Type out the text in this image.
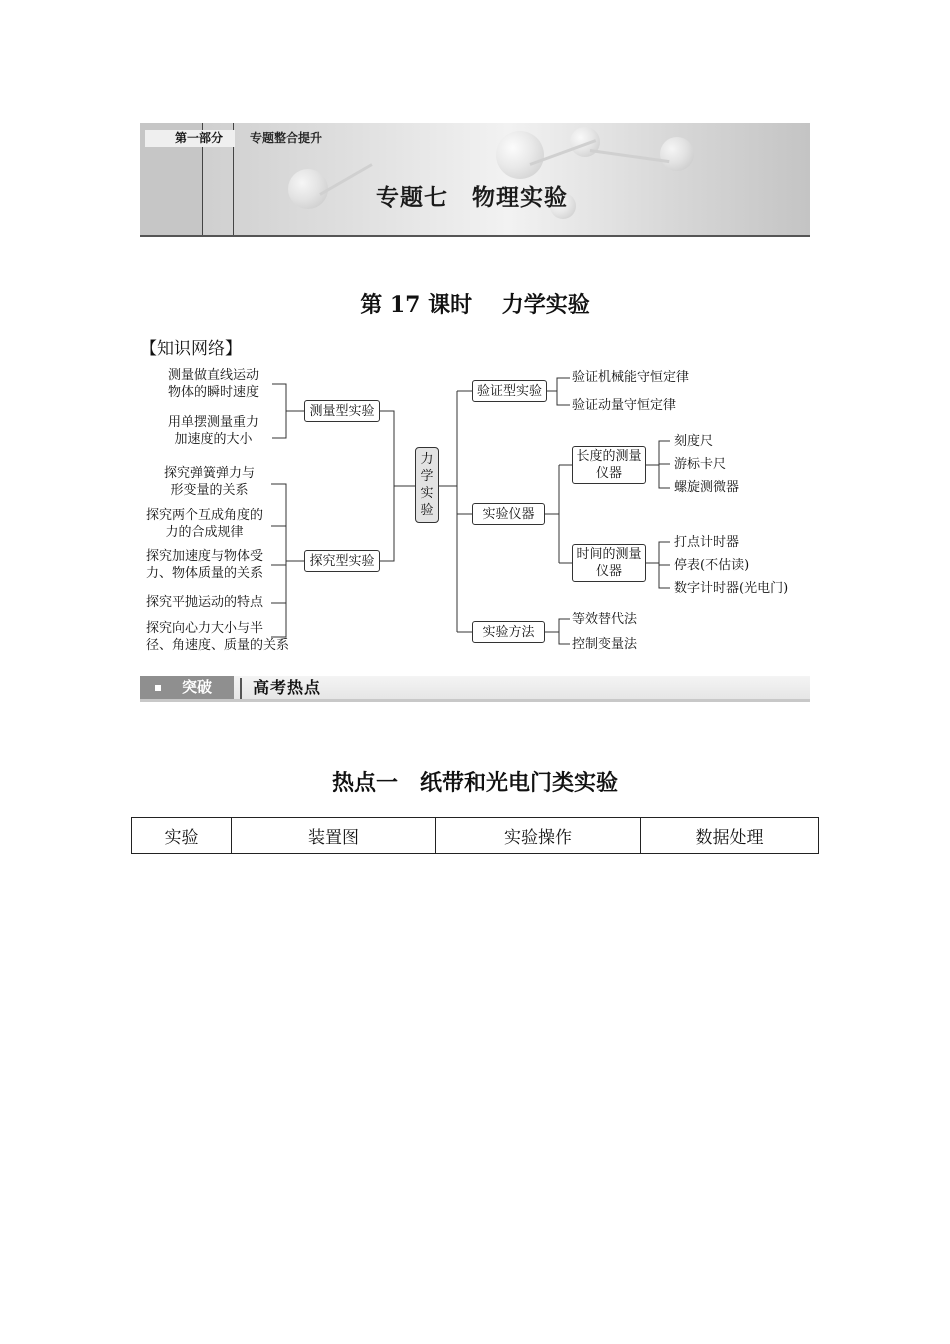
第一部分	专题整合提升
专题七　物理实验
第 17 课时　 力学实验
【知识网络】
测量做直线运动
物体的瞬时速度
用单摆测量重力
加速度的大小
测量型实验
探究弹簧弹力与
形变量的关系
探究两个互成角度的
力的合成规律
探究加速度与物体受
力、物体质量的关系
探究平抛运动的特点
探究向心力大小与半
径、角速度、质量的关系
探究型实验
力
学
实
验
验证型实验
验证机械能守恒定律
验证动量守恒定律
实验仪器
长度的测量
仪器
刻度尺
游标卡尺
螺旋测微器
时间的测量
仪器
打点计时器
停表(不估读)
数字计时器(光电门)
实验方法
等效替代法
控制变量法
突破	高考热点
热点一　纸带和光电门类实验
实验	装置图	实验操作	数据处理
